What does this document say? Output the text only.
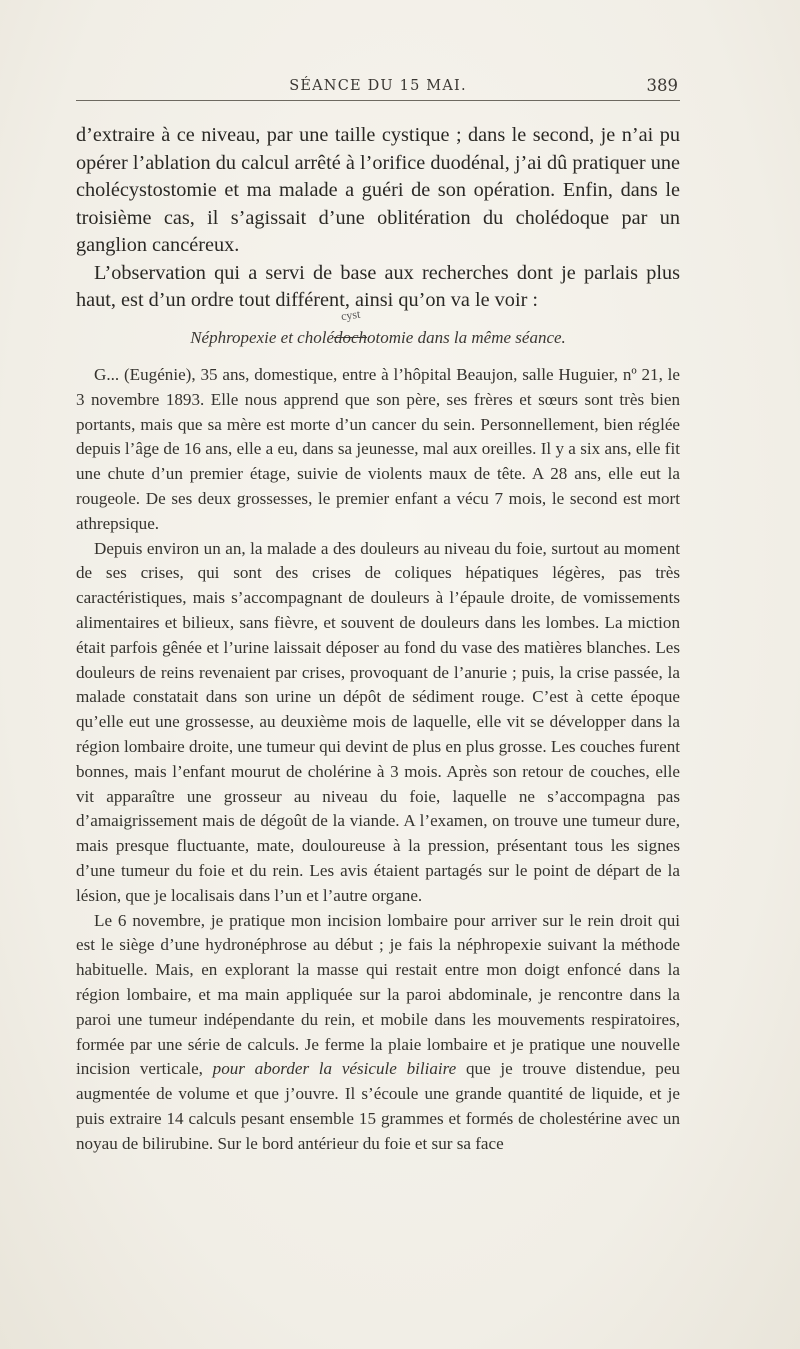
SÉANCE DU 15 MAI.	389

d’extraire à ce niveau, par une taille cystique ; dans le second, je n’ai pu opérer l’ablation du calcul arrêté à l’orifice duodénal, j’ai dû pratiquer une cholécystostomie et ma malade a guéri de son opération. Enfin, dans le troisième cas, il s’agissait d’une oblitération du cholédoque par un ganglion cancéreux.

L’observation qui a servi de base aux recherches dont je parlais plus haut, est d’un ordre tout différent, ainsi qu’on va le voir :

cyst
Néphropexie et cholédochotomie dans la même séance.

G... (Eugénie), 35 ans, domestique, entre à l’hôpital Beaujon, salle Huguier, nº 21, le 3 novembre 1893. Elle nous apprend que son père, ses frères et sœurs sont très bien portants, mais que sa mère est morte d’un cancer du sein. Personnellement, bien réglée depuis l’âge de 16 ans, elle a eu, dans sa jeunesse, mal aux oreilles. Il y a six ans, elle fit une chute d’un premier étage, suivie de violents maux de tête. A 28 ans, elle eut la rougeole. De ses deux grossesses, le premier enfant a vécu 7 mois, le second est mort athrepsique.

Depuis environ un an, la malade a des douleurs au niveau du foie, surtout au moment de ses crises, qui sont des crises de coliques hépatiques légères, pas très caractéristiques, mais s’accompagnant de douleurs à l’épaule droite, de vomissements alimentaires et bilieux, sans fièvre, et souvent de douleurs dans les lombes. La miction était parfois gênée et l’urine laissait déposer au fond du vase des matières blanches. Les douleurs de reins revenaient par crises, provoquant de l’anurie ; puis, la crise passée, la malade constatait dans son urine un dépôt de sédiment rouge. C’est à cette époque qu’elle eut une grossesse, au deuxième mois de laquelle, elle vit se développer dans la région lombaire droite, une tumeur qui devint de plus en plus grosse. Les couches furent bonnes, mais l’enfant mourut de cholérine à 3 mois. Après son retour de couches, elle vit apparaître une grosseur au niveau du foie, laquelle ne s’accompagna pas d’amaigrissement mais de dégoût de la viande. A l’examen, on trouve une tumeur dure, mais presque fluctuante, mate, douloureuse à la pression, présentant tous les signes d’une tumeur du foie et du rein. Les avis étaient partagés sur le point de départ de la lésion, que je localisais dans l’un et l’autre organe.

Le 6 novembre, je pratique mon incision lombaire pour arriver sur le rein droit qui est le siège d’une hydronéphrose au début ; je fais la néphropexie suivant la méthode habituelle. Mais, en explorant la masse qui restait entre mon doigt enfoncé dans la région lombaire, et ma main appliquée sur la paroi abdominale, je rencontre dans la paroi une tumeur indépendante du rein, et mobile dans les mouvements respiratoires, formée par une série de calculs. Je ferme la plaie lombaire et je pratique une nouvelle incision verticale, pour aborder la vésicule biliaire que je trouve distendue, peu augmentée de volume et que j’ouvre. Il s’écoule une grande quantité de liquide, et je puis extraire 14 calculs pesant ensemble 15 grammes et formés de cholestérine avec un noyau de bilirubine. Sur le bord antérieur du foie et sur sa face
